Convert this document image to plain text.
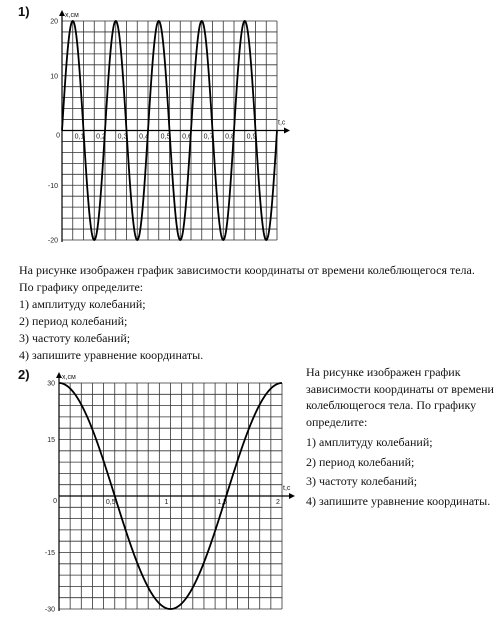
1)
2)
x,см
t,c
20
10
-10
-20
0 0,1 0,2 0,3 0,4 0,5 0,6 0,7 0,8 0,9
x,см
t,c
30
15
-15
-30
0	0,5	1	1,5	2

На рисунке изображен график зависимости координаты от времени колеблющегося тела. По графику определите:

1) амплитуду колебаний;

2) период колебаний;

3) частоту колебаний;

4) запишите уравнение координаты.

На рисунке изображен график зависимости координаты от времени колеблющегося тела. По графику определите:

1) амплитуду колебаний;

2) период колебаний;

3) частоту колебаний;

4) запишите уравнение координаты.
